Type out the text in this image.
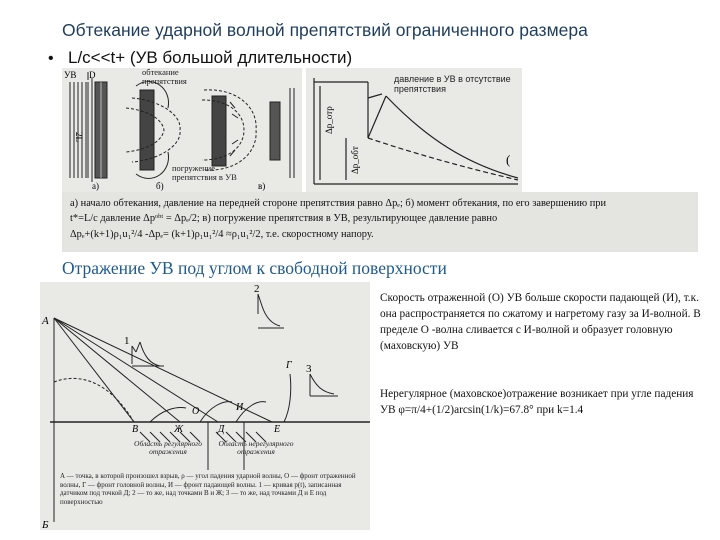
Обтекание ударной волной препятствий ограниченного размера
• L/c<<t+ (УВ большой длительности)
УВ D
2L
обтекание препятствия
погружение препятствия в УВ
а)	б)	в)
давление в УВ в отсутствие препятствия
Δp_отр
Δp_обт	(
а) начало обтекания, давление на передней стороне препятствия равно Δpₑ; б) момент обтекания, по его завершению при
t*=L/c давление Δpᵒᵇᵗ = Δpₑ/2; в) погружение препятствия в УВ, результирующее давление равно
Δpₑ+(k+1)ρ₁u₁²/4 -Δpₑ= (k+1)ρ₁u₁²/4 ≈ρ₁u₁²/2, т.е. скоростному напору.
Отражение УВ под углом к свободной поверхности
А
Б
1
2
3
В	Ж	Д	Е
И
О
Г
Область регулярного отражения
Область нерегулярного отражения
А — точка, в которой произошел взрыв, ρ — угол падения ударной волны, О — фронт отраженной волны, Г — фронт головной волны, И — фронт падающей волны. 1 — кривая p(t), записанная датчиком под точкой Д; 2 — то же, над точками В и Ж; 3 — то же, над точками Д и Е под поверхностью
Скорость отраженной (О) УВ больше скорости падающей (И), т.к. она распространяется по сжатому и нагретому газу за И-волной. В пределе О -волна сливается с И-волной и образует головную (маховскую) УВ
Нерегулярное (маховское)отражение возникает при угле падения УВ φ=π/4+(1/2)arcsin(1/k)=67.8° при k=1.4
